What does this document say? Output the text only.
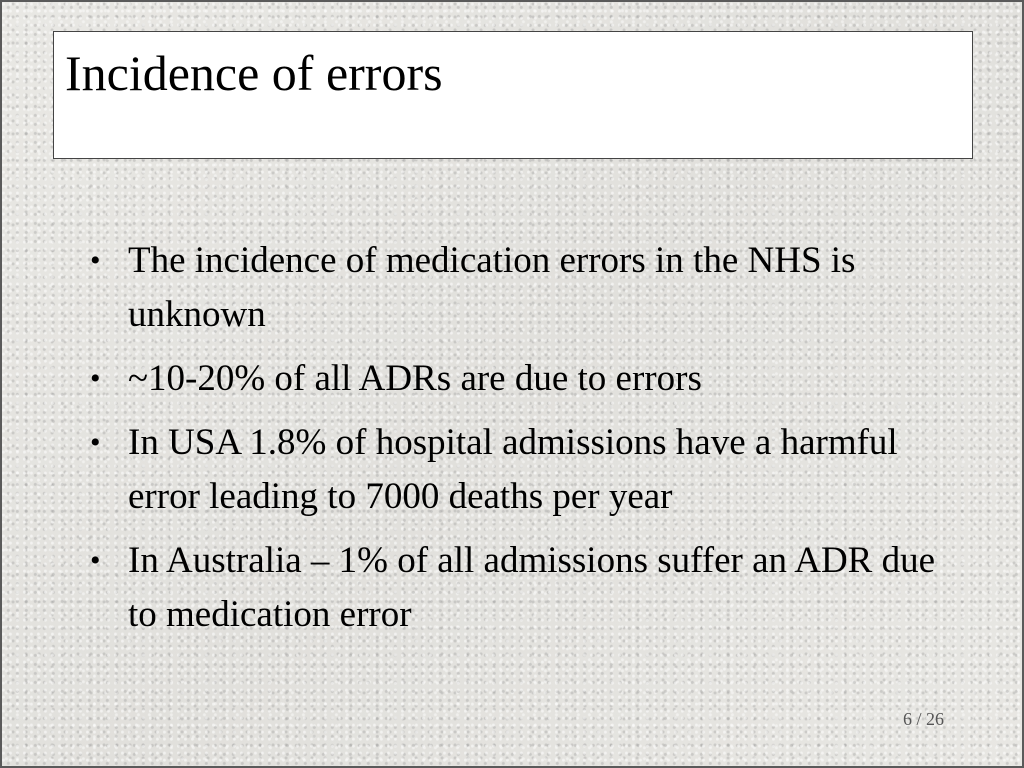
Incidence of errors
• The incidence of medication errors in the NHS is unknown
• ~10-20% of all ADRs are due to errors
• In USA 1.8% of hospital admissions have a harmful error leading to 7000 deaths per year
• In Australia – 1% of all admissions suffer an ADR due to medication error
6 / 26
